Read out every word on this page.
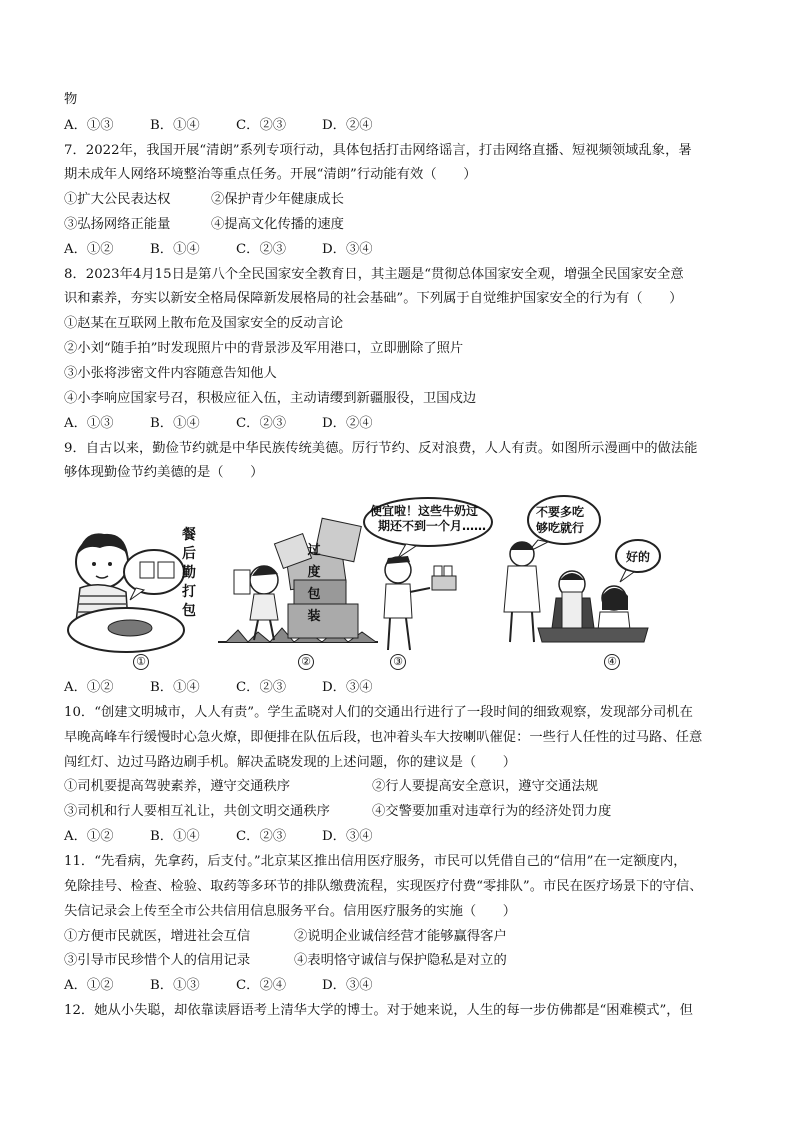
物
A．①③	B．①④	C．②③	D．②④
7．2022年，我国开展“清朗”系列专项行动，具体包括打击网络谣言，打击网络直播、短视频领域乱象，暑
期未成年人网络环境整治等重点任务。开展“清朗”行动能有效（　　）
①扩大公民表达权	②保护青少年健康成长
③弘扬网络正能量	④提高文化传播的速度
A．①②	B．①④	C．②③	D．③④
8．2023年4月15日是第八个全民国家安全教育日，其主题是“贯彻总体国家安全观，增强全民国家安全意
识和素养，夯实以新安全格局保障新发展格局的社会基础”。下列属于自觉维护国家安全的行为有（　　）
①赵某在互联网上散布危及国家安全的反动言论
②小刘“随手拍”时发现照片中的背景涉及军用港口，立即删除了照片
③小张将涉密文件内容随意告知他人
④小李响应国家号召，积极应征入伍，主动请缨到新疆服役，卫国戍边
A．①③	B．①④	C．②③	D．②④
9．自古以来，勤俭节约就是中华民族传统美德。厉行节约、反对浪费，人人有责。如图所示漫画中的做法能
够体现勤俭节约美德的是（　　）
餐
后
勤
打
包
①
过
度
包
装
②
便宜啦！这些牛奶过
期还不到一个月……
③
不要多吃
够吃就行
好的
④
A．①②	B．①④	C．②③	D．③④
10．“创建文明城市，人人有责”。学生孟晓对人们的交通出行进行了一段时间的细致观察，发现部分司机在
早晚高峰车行缓慢时心急火燎，即便排在队伍后段，也冲着头车大按喇叭催促：一些行人任性的过马路、任意
闯红灯、边过马路边刷手机。解决孟晓发现的上述问题，你的建议是（　　）
①司机要提高驾驶素养，遵守交通秩序	②行人要提高安全意识，遵守交通法规
③司机和行人要相互礼让，共创文明交通秩序	④交警要加重对违章行为的经济处罚力度
A．①②	B．①④	C．②③	D．③④
11．“先看病，先拿药，后支付。”北京某区推出信用医疗服务，市民可以凭借自己的“信用”在一定额度内，
免除挂号、检查、检验、取药等多环节的排队缴费流程，实现医疗付费“零排队”。市民在医疗场景下的守信、
失信记录会上传至全市公共信用信息服务平台。信用医疗服务的实施（　　）
①方便市民就医，增进社会互信	②说明企业诚信经营才能够赢得客户
③引导市民珍惜个人的信用记录	④表明恪守诚信与保护隐私是对立的
A．①②	B．①③	C．②④	D．③④
12．她从小失聪，却依靠读唇语考上清华大学的博士。对于她来说，人生的每一步仿佛都是“困难模式”，但
